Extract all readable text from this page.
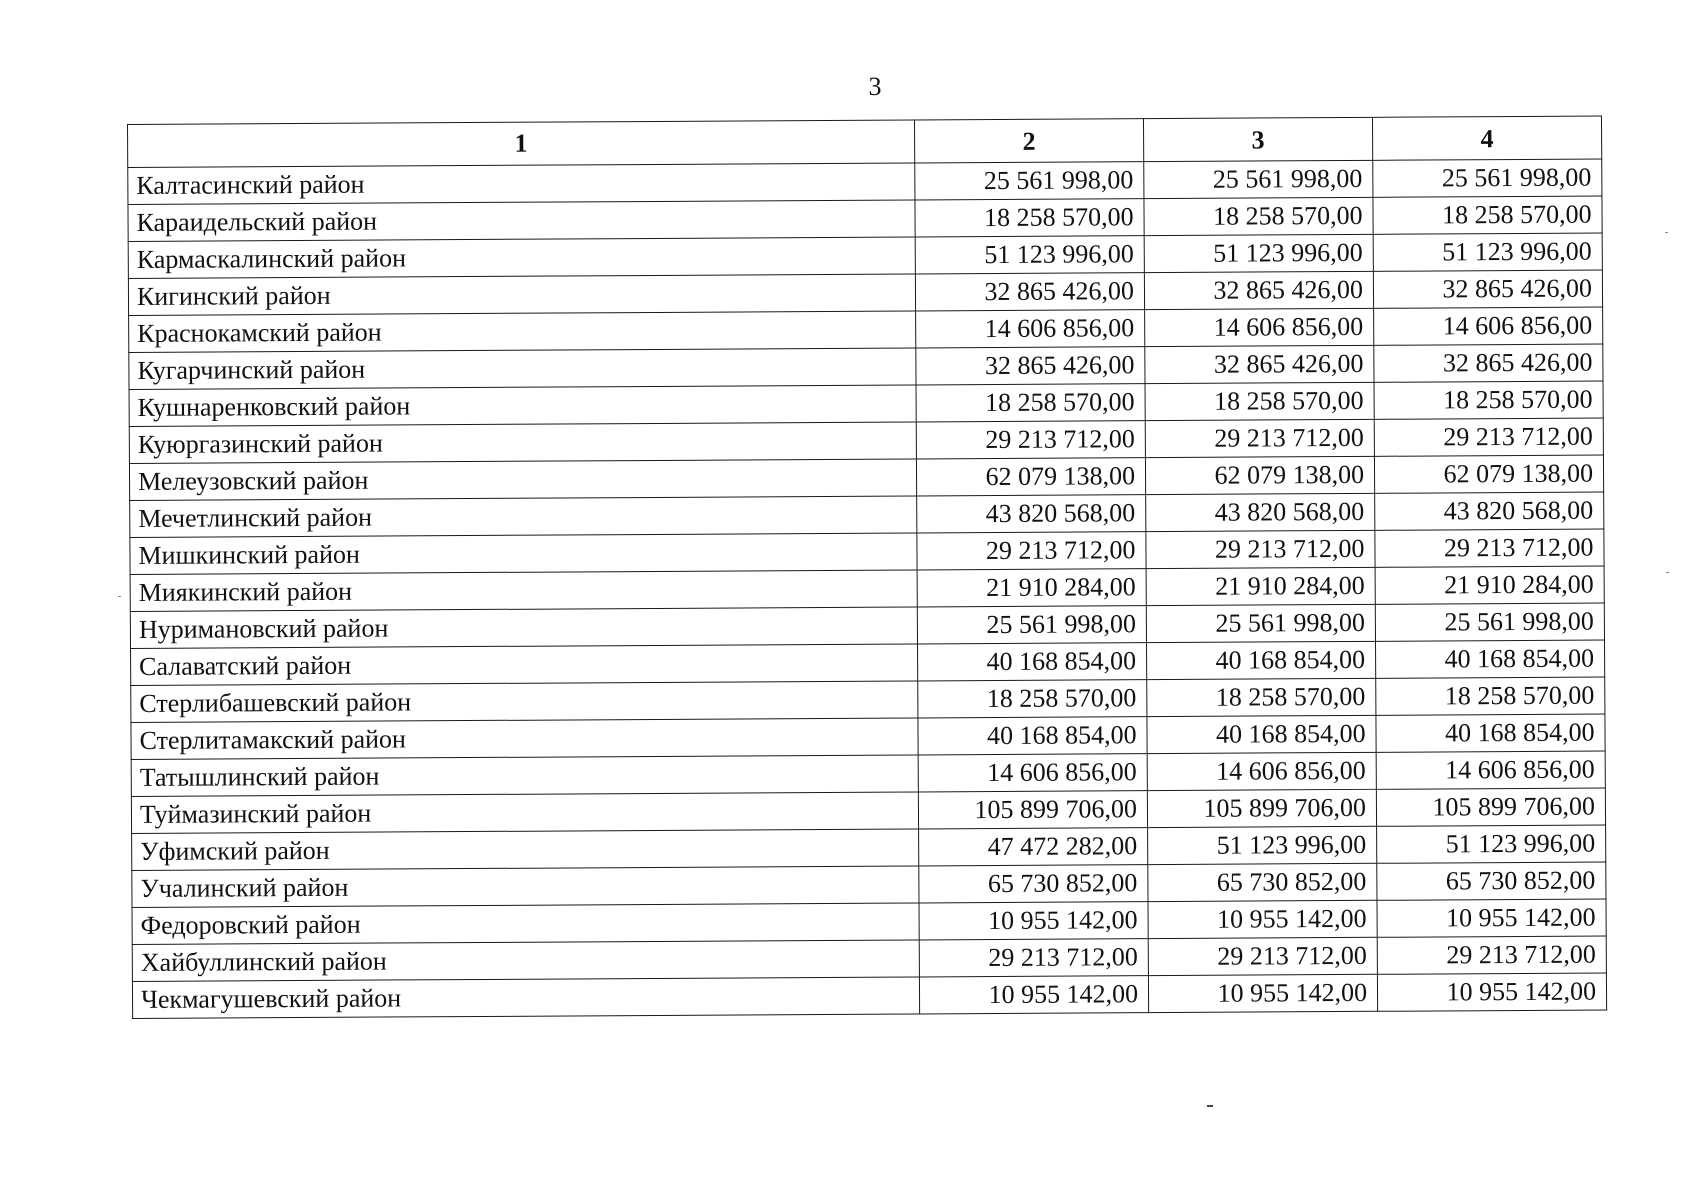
3
1	2	3	4
Калтасинский район	25 561 998,00	25 561 998,00	25 561 998,00
Караидельский район	18 258 570,00	18 258 570,00	18 258 570,00
Кармаскалинский район	51 123 996,00	51 123 996,00	51 123 996,00
Кигинский район	32 865 426,00	32 865 426,00	32 865 426,00
Краснокамский район	14 606 856,00	14 606 856,00	14 606 856,00
Кугарчинский район	32 865 426,00	32 865 426,00	32 865 426,00
Кушнаренковский район	18 258 570,00	18 258 570,00	18 258 570,00
Куюргазинский район	29 213 712,00	29 213 712,00	29 213 712,00
Мелеузовский район	62 079 138,00	62 079 138,00	62 079 138,00
Мечетлинский район	43 820 568,00	43 820 568,00	43 820 568,00
Мишкинский район	29 213 712,00	29 213 712,00	29 213 712,00
Миякинский район	21 910 284,00	21 910 284,00	21 910 284,00
Нуримановский район	25 561 998,00	25 561 998,00	25 561 998,00
Салаватский район	40 168 854,00	40 168 854,00	40 168 854,00
Стерлибашевский район	18 258 570,00	18 258 570,00	18 258 570,00
Стерлитамакский район	40 168 854,00	40 168 854,00	40 168 854,00
Татышлинский район	14 606 856,00	14 606 856,00	14 606 856,00
Туймазинский район	105 899 706,00	105 899 706,00	105 899 706,00
Уфимский район	47 472 282,00	51 123 996,00	51 123 996,00
Учалинский район	65 730 852,00	65 730 852,00	65 730 852,00
Федоровский район	10 955 142,00	10 955 142,00	10 955 142,00
Хайбуллинский район	29 213 712,00	29 213 712,00	29 213 712,00
Чекмагушевский район	10 955 142,00	10 955 142,00	10 955 142,00
